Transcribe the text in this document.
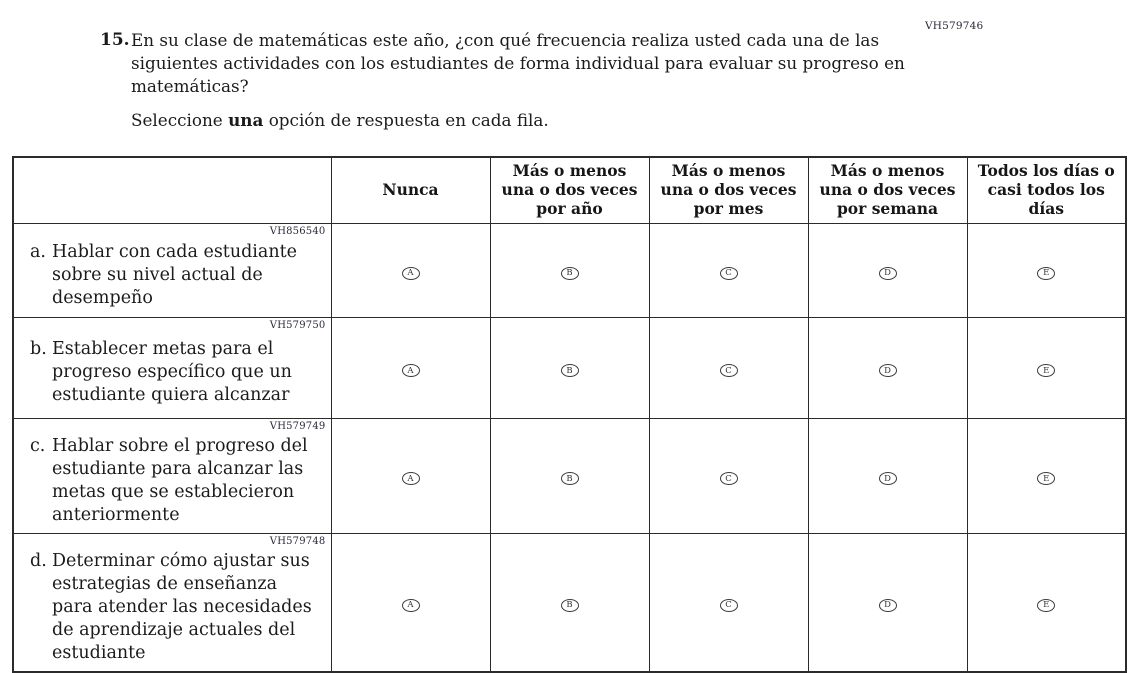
VH579746
15. En su clase de matemáticas este año, ¿con qué frecuencia realiza usted cada una de las siguientes actividades con los estudiantes de forma individual para evaluar su progreso en matemáticas?
Seleccione una opción de respuesta en cada fila.
	Nunca	Más o menos una o dos veces por año	Más o menos una o dos veces por mes	Más o menos una o dos veces por semana	Todos los días o casi todos los días

VH856540
a. Hablar con cada estudiante sobre su nivel actual de desempeño	A	B	C	D	E

VH579750
b. Establecer metas para el progreso específico que un estudiante quiera alcanzar	A	B	C	D	E

VH579749
c. Hablar sobre el progreso del estudiante para alcanzar las metas que se establecieron anteriormente	A	B	C	D	E

VH579748
d. Determinar cómo ajustar sus estrategias de enseñanza para atender las necesidades de aprendizaje actuales del estudiante	A	B	C	D	E
